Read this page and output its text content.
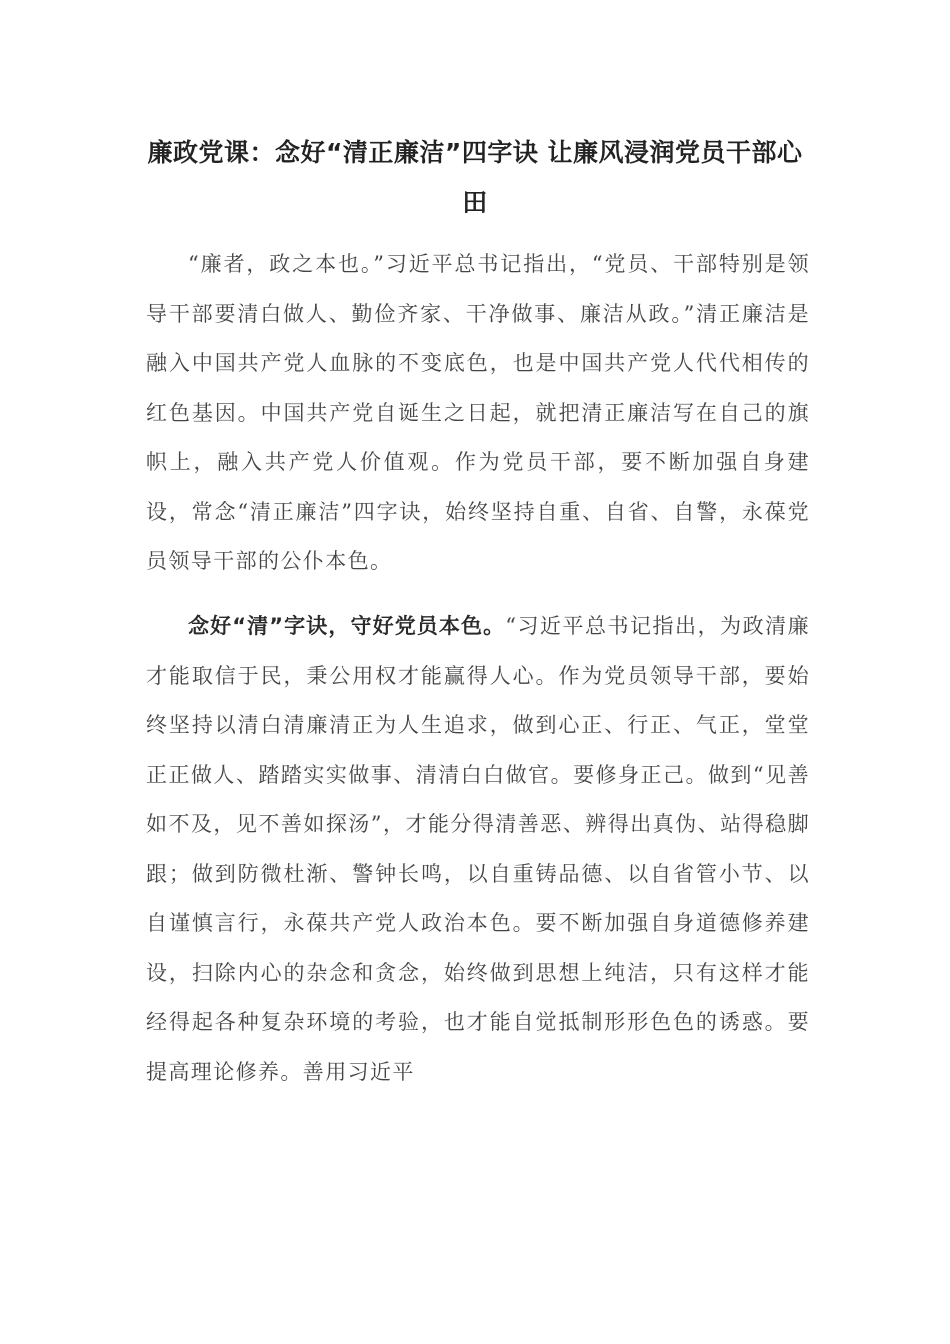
廉政党课：念好“清正廉洁”四字诀 让廉风浸润党员干部心田

“廉者，政之本也。”习近平总书记指出，“党员、干部特别是领导干部要清白做人、勤俭齐家、干净做事、廉洁从政。”清正廉洁是融入中国共产党人血脉的不变底色，也是中国共产党人代代相传的红色基因。中国共产党自诞生之日起，就把清正廉洁写在自己的旗帜上，融入共产党人价值观。作为党员干部，要不断加强自身建设，常念“清正廉洁”四字诀，始终坚持自重、自省、自警，永葆党员领导干部的公仆本色。

念好“清”字诀，守好党员本色。“习近平总书记指出，为政清廉才能取信于民，秉公用权才能赢得人心。作为党员领导干部，要始终坚持以清白清廉清正为人生追求，做到心正、行正、气正，堂堂正正做人、踏踏实实做事、清清白白做官。要修身正己。做到“见善如不及，见不善如探汤”，才能分得清善恶、辨得出真伪、站得稳脚跟；做到防微杜渐、警钟长鸣，以自重铸品德、以自省管小节、以自谨慎言行，永葆共产党人政治本色。要不断加强自身道德修养建设，扫除内心的杂念和贪念，始终做到思想上纯洁，只有这样才能经得起各种复杂环境的考验，也才能自觉抵制形形色色的诱惑。要提高理论修养。善用习近平
